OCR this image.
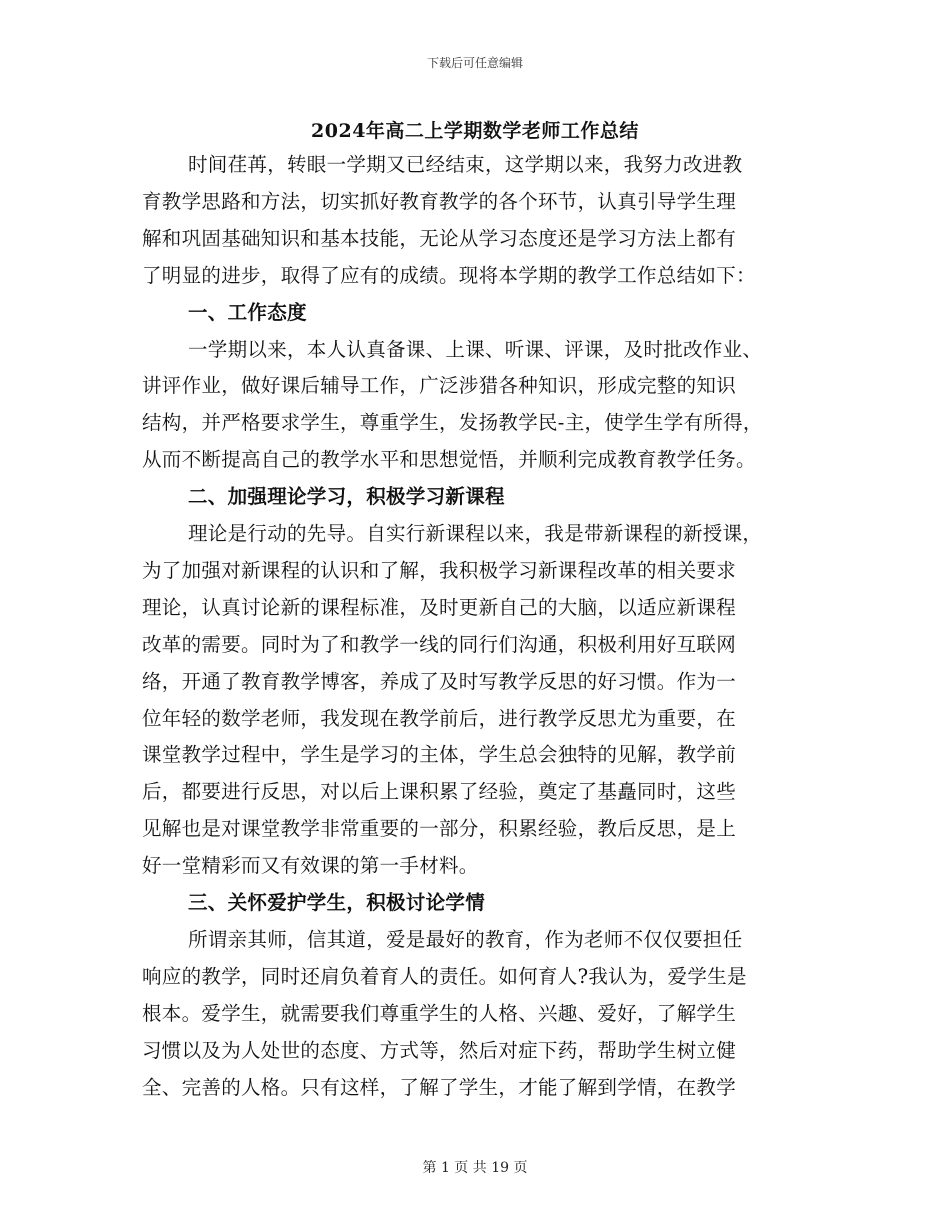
下载后可任意编辑
2024年高二上学期数学老师工作总结
时间荏苒，转眼一学期又已经结束，这学期以来，我努力改进教
育教学思路和方法，切实抓好教育教学的各个环节，认真引导学生理
解和巩固基础知识和基本技能，无论从学习态度还是学习方法上都有
了明显的进步，取得了应有的成绩。现将本学期的教学工作总结如下：
一、工作态度
一学期以来，本人认真备课、上课、听课、评课，及时批改作业、
讲评作业，做好课后辅导工作，广泛涉猎各种知识，形成完整的知识
结构，并严格要求学生，尊重学生，发扬教学民-主，使学生学有所得，
从而不断提高自己的教学水平和思想觉悟，并顺利完成教育教学任务。
二、加强理论学习，积极学习新课程
理论是行动的先导。自实行新课程以来，我是带新课程的新授课，
为了加强对新课程的认识和了解，我积极学习新课程改革的相关要求
理论，认真讨论新的课程标准，及时更新自己的大脑，以适应新课程
改革的需要。同时为了和教学一线的同行们沟通，积极利用好互联网
络，开通了教育教学博客，养成了及时写教学反思的好习惯。作为一
位年轻的数学老师，我发现在教学前后，进行教学反思尤为重要，在
课堂教学过程中，学生是学习的主体，学生总会独特的见解，教学前
后，都要进行反思，对以后上课积累了经验，奠定了基矗同时，这些
见解也是对课堂教学非常重要的一部分，积累经验，教后反思，是上
好一堂精彩而又有效课的第一手材料。
三、关怀爱护学生，积极讨论学情
所谓亲其师，信其道，爱是最好的教育，作为老师不仅仅要担任
响应的教学，同时还肩负着育人的责任。如何育人?我认为，爱学生是
根本。爱学生，就需要我们尊重学生的人格、兴趣、爱好，了解学生
习惯以及为人处世的态度、方式等，然后对症下药，帮助学生树立健
全、完善的人格。只有这样，了解了学生，才能了解到学情，在教学
第 1 页 共 19 页
